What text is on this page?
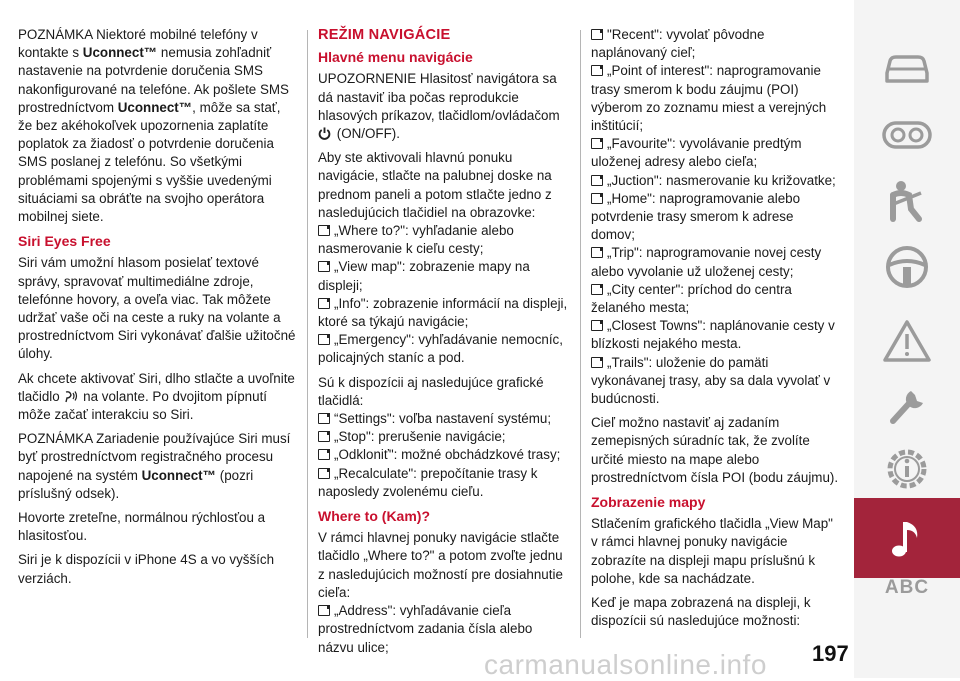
POZNÁMKA Niektoré mobilné telefóny v kontakte s Uconnect™ nemusia zohľadniť nastavenie na potvrdenie doručenia SMS nakonfigurované na telefóne. Ak pošlete SMS prostredníctvom Uconnect™, môže sa stať, že bez akéhokoľvek upozornenia zaplatíte poplatok za žiadosť o potvrdenie doručenia SMS poslanej z telefónu. So všetkými problémami spojenými s vyššie uvedenými situáciami sa obráťte na svojho operátora mobilnej siete.

Siri Eyes Free

Siri vám umožní hlasom posielať textové správy, spravovať multimediálne zdroje, telefónne hovory, a oveľa viac. Tak môžete udržať vaše oči na ceste a ruky na volante a prostredníctvom Siri vykonávať ďalšie užitočné úlohy.

Ak chcete aktivovať Siri, dlho stlačte a uvoľnite tlačidlo na volante. Po dvojitom pípnutí môže začať interakciu so Siri.

POZNÁMKA Zariadenie používajúce Siri musí byť prostredníctvom registračného procesu napojené na systém Uconnect™ (pozri príslušný odsek).

Hovorte zreteľne, normálnou rýchlosťou a hlasitosťou.

Siri je k dispozícii v iPhone 4S a vo vyšších verziách.

REŽIM NAVIGÁCIE
Hlavné menu navigácie

UPOZORNENIE Hlasitosť navigátora sa dá nastaviť iba počas reprodukcie hlasových príkazov, tlačidlom/ovládačom
(ON/OFF).

Aby ste aktivovali hlavnú ponuku navigácie, stlačte na palubnej doske na prednom paneli a potom stlačte jedno z nasledujúcich tlačidiel na obrazovke:

„Where to?": vyhľadanie alebo nasmerovanie k cieľu cesty;
„View map": zobrazenie mapy na displeji;
„Info": zobrazenie informácií na displeji, ktoré sa týkajú navigácie;
„Emergency": vyhľadávanie nemocníc, policajných staníc a pod.

Sú k dispozícii aj nasledujúce grafické tlačidlá:

“Settings": voľba nastavení systému;
„Stop": prerušenie navigácie;
„Odkloniť": možné obchádzkové trasy;
„Recalculate": prepočítanie trasy k naposledy zvolenému cieľu.
Where to (Kam)?

V rámci hlavnej ponuky navigácie stlačte tlačidlo „Where to?" a potom zvoľte jednu z nasledujúcich možností pre dosiahnutie cieľa:

„Address": vyhľadávanie cieľa prostredníctvom zadania čísla alebo názvu ulice;
"Recent": vyvolať pôvodne naplánovaný cieľ;
„Point of interest": naprogramovanie trasy smerom k bodu záujmu (POI) výberom zo zoznamu miest a verejných inštitúcií;
„Favourite": vyvolávanie predtým uloženej adresy alebo cieľa;
„Juction": nasmerovanie ku križovatke;
„Home": naprogramovanie alebo potvrdenie trasy smerom k adrese domov;
„Trip": naprogramovanie novej cesty alebo vyvolanie už uloženej cesty;
„City center": príchod do centra želaného mesta;
„Closest Towns": naplánovanie cesty v blízkosti nejakého mesta.
„Trails": uloženie do pamäti vykonávanej trasy, aby sa dala vyvolať v budúcnosti.

Cieľ možno nastaviť aj zadaním zemepisných súradníc tak, že zvolíte určité miesto na mape alebo prostredníctvom čísla POI (bodu záujmu).

Zobrazenie mapy

Stlačením grafického tlačidla „View Map" v rámci hlavnej ponuky navigácie zobrazíte na displeji mapu príslušnú k polohe, kde sa nachádzate.

Keď je mapa zobrazená na displeji, k dispozícii sú nasledujúce možnosti:

ABC
197
carmanualsonline.info
